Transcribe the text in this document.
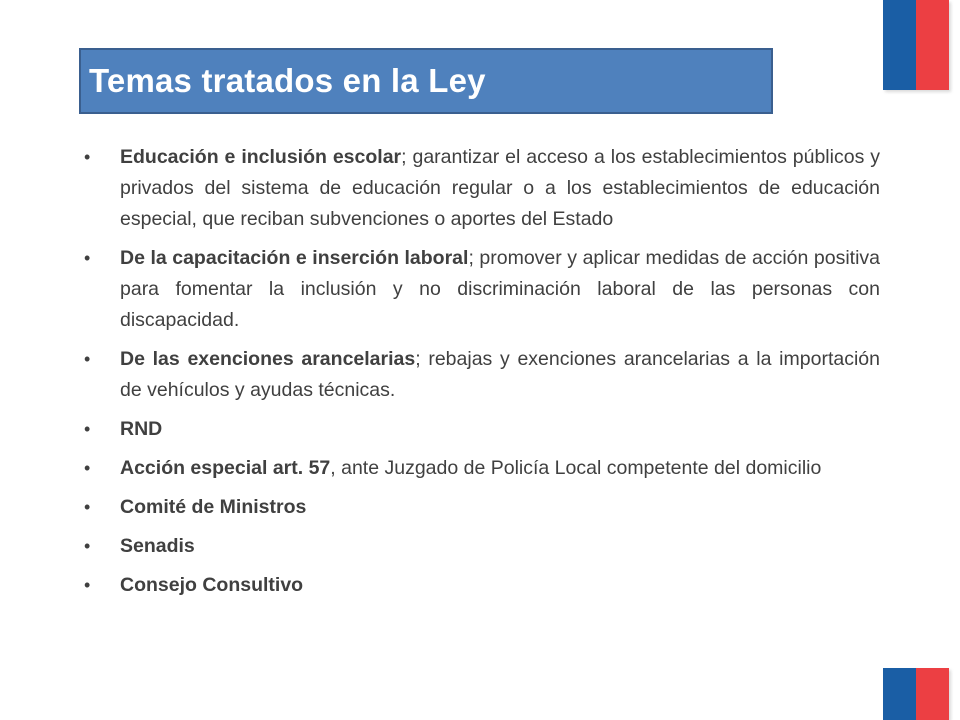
Temas tratados en la Ley
• Educación e inclusión escolar; garantizar el acceso a los establecimientos públicos y privados del sistema de educación regular o a los establecimientos de educación especial, que reciban subvenciones o aportes del Estado
• De la capacitación e inserción laboral; promover y aplicar medidas de acción positiva para fomentar la inclusión y no discriminación laboral de las personas con discapacidad.
• De las exenciones arancelarias; rebajas y exenciones arancelarias a la importación de vehículos y ayudas técnicas.
• RND
• Acción especial art. 57, ante Juzgado de Policía Local competente del domicilio
• Comité de Ministros
• Senadis
• Consejo Consultivo
